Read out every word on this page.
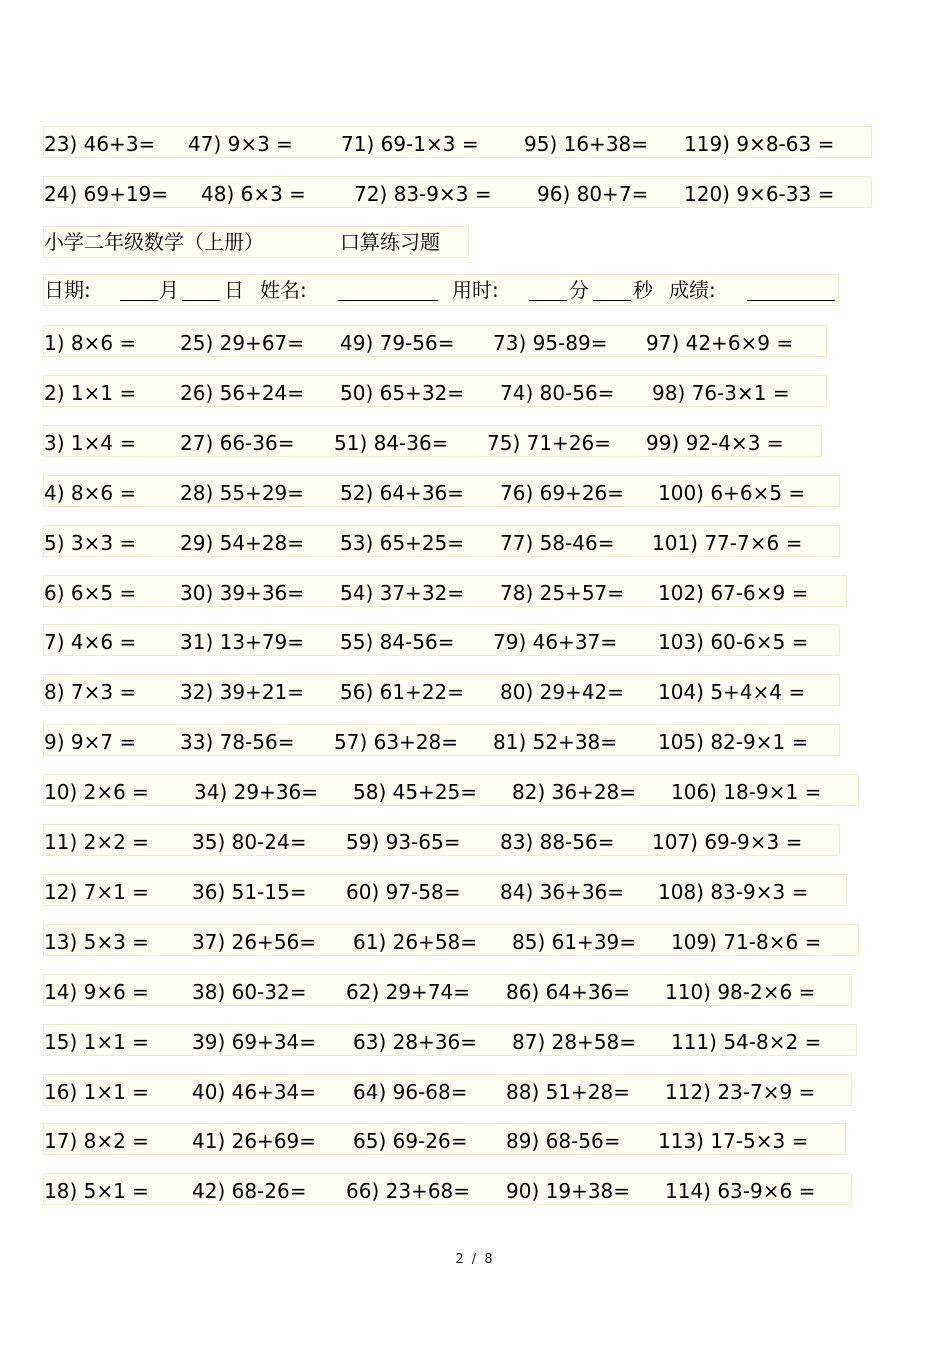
23) 46+3= 47) 9×3 = 71) 69-1×3 = 95) 16+38= 119) 9×8-63 =
24) 69+19= 48) 6×3 = 72) 83-9×3 = 96) 80+7= 120) 9×6-33 =
小学二年级数学（上册）	口算练习题
日期:	月 日 姓名:	用时:	分 秒 成绩:
1) 8×6 = 25) 29+67= 49) 79-56= 73) 95-89= 97) 42+6×9 =
2) 1×1 = 26) 56+24= 50) 65+32= 74) 80-56= 98) 76-3×1 =
3) 1×4 = 27) 66-36= 51) 84-36= 75) 71+26= 99) 92-4×3 =
4) 8×6 = 28) 55+29= 52) 64+36= 76) 69+26= 100) 6+6×5 =
5) 3×3 = 29) 54+28= 53) 65+25= 77) 58-46= 101) 77-7×6 =
6) 6×5 = 30) 39+36= 54) 37+32= 78) 25+57= 102) 67-6×9 =
7) 4×6 = 31) 13+79= 55) 84-56= 79) 46+37= 103) 60-6×5 =
8) 7×3 = 32) 39+21= 56) 61+22= 80) 29+42= 104) 5+4×4 =
9) 9×7 = 33) 78-56= 57) 63+28= 81) 52+38= 105) 82-9×1 =
10) 2×6 = 34) 29+36= 58) 45+25= 82) 36+28= 106) 18-9×1 =
11) 2×2 = 35) 80-24= 59) 93-65= 83) 88-56= 107) 69-9×3 =
12) 7×1 = 36) 51-15= 60) 97-58= 84) 36+36= 108) 83-9×3 =
13) 5×3 = 37) 26+56= 61) 26+58= 85) 61+39= 109) 71-8×6 =
14) 9×6 = 38) 60-32= 62) 29+74= 86) 64+36= 110) 98-2×6 =
15) 1×1 = 39) 69+34= 63) 28+36= 87) 28+58= 111) 54-8×2 =
16) 1×1 = 40) 46+34= 64) 96-68= 88) 51+28= 112) 23-7×9 =
17) 8×2 = 41) 26+69= 65) 69-26= 89) 68-56= 113) 17-5×3 =
18) 5×1 = 42) 68-26= 66) 23+68= 90) 19+38= 114) 63-9×6 =
2 / 8
